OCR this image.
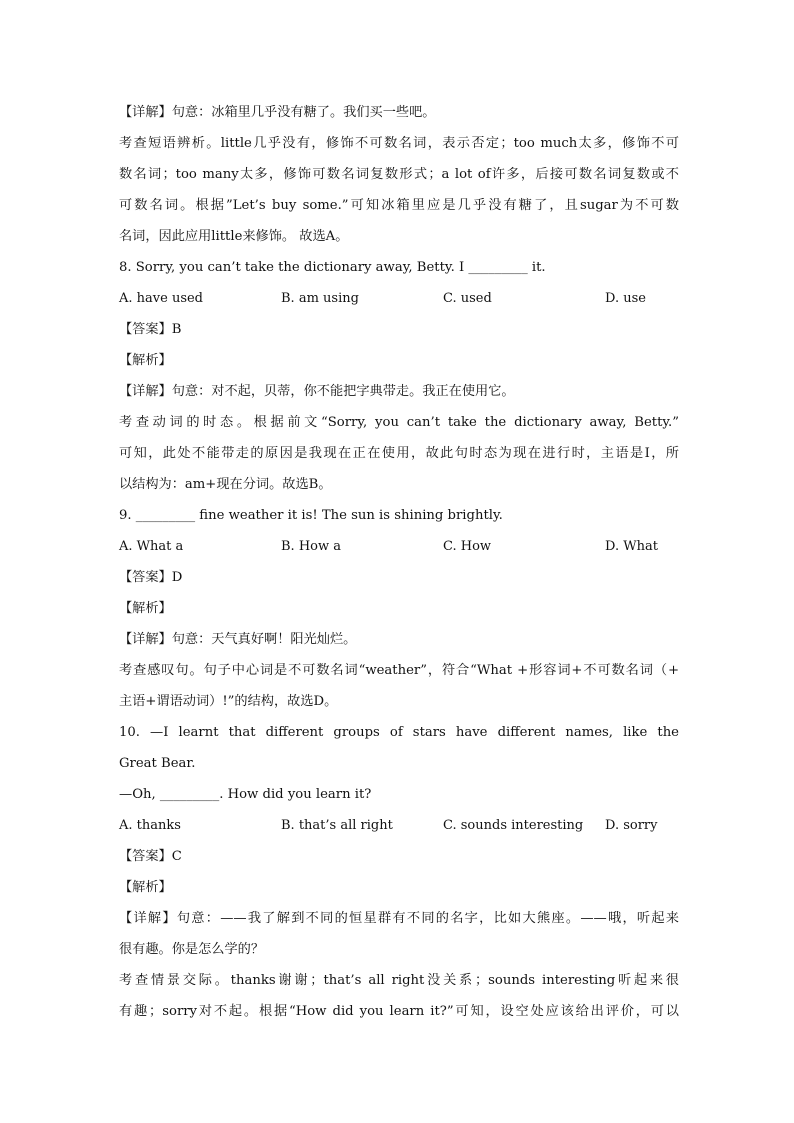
【详解】句意：冰箱里几乎没有糖了。我们买一些吧。
考查短语辨析。little几乎没有，修饰不可数名词，表示否定；too much太多，修饰不可
数名词；too many太多，修饰可数名词复数形式；a lot of许多，后接可数名词复数或不
可数名词。根据”Let’s buy some.”可知冰箱里应是几乎没有糖了，且sugar为不可数
名词，因此应用little来修饰。 故选A。
8. Sorry, you can’t take the dictionary away, Betty. I _________ it.
A. have used	B. am using	C. used	D. use
【答案】B
【解析】
【详解】句意：对不起，贝蒂，你不能把字典带走。我正在使用它。
考查动词的时态。根据前文“Sorry, you can’t take the dictionary away, Betty.”
可知，此处不能带走的原因是我现在正在使用，故此句时态为现在进行时，主语是I，所
以结构为：am+现在分词。故选B。
9. _________ fine weather it is! The sun is shining brightly.
A. What a	B. How a	C. How	D. What
【答案】D
【解析】
【详解】句意：天气真好啊！阳光灿烂。
考查感叹句。句子中心词是不可数名词“weather”，符合“What +形容词+不可数名词（+
主语+谓语动词）!”的结构，故选D。
10. —I learnt that different groups of stars have different names, like the
Great Bear.
—Oh, _________. How did you learn it?
A. thanks	B. that’s all right	C. sounds interesting	D. sorry
【答案】C
【解析】
【详解】句意：——我了解到不同的恒星群有不同的名字，比如大熊座。——哦，听起来
很有趣。你是怎么学的？
考查情景交际。thanks谢谢；that’s all right没关系；sounds interesting听起来很
有趣；sorry对不起。根据“How did you learn it?”可知，设空处应该给出评价，可以
